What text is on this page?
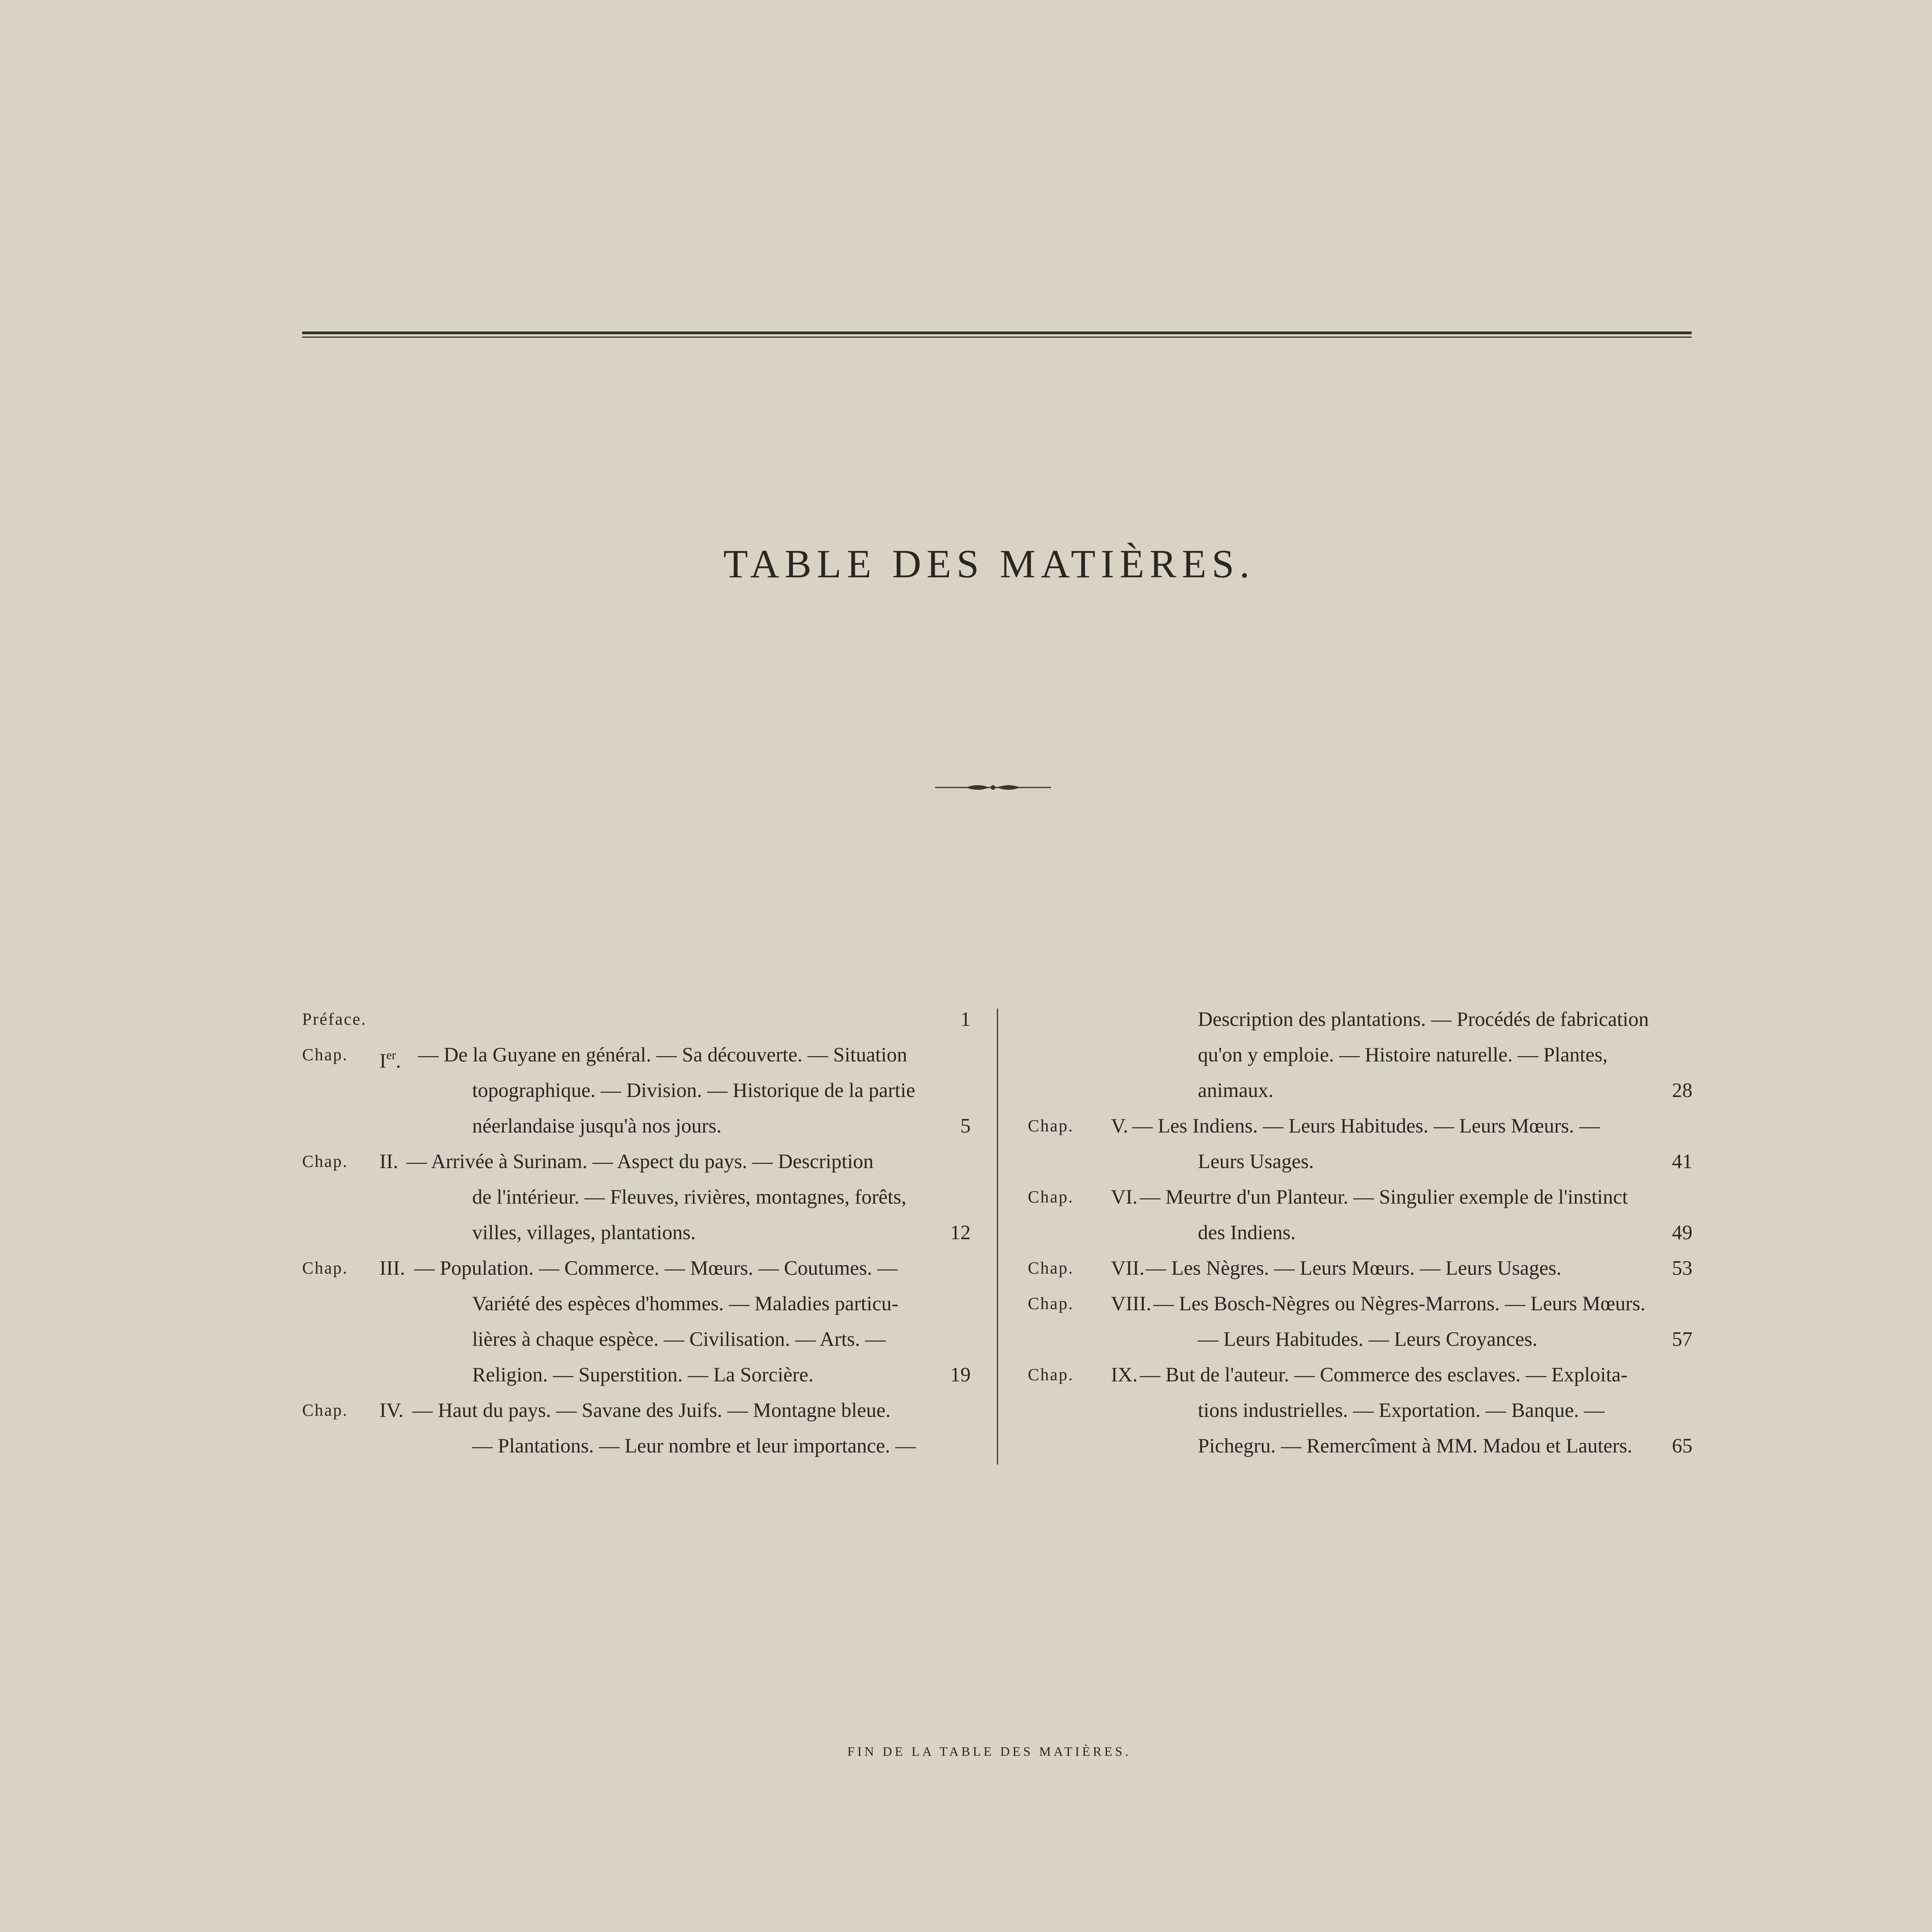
TABLE DES MATIÈRES.
Préface.	1
Chap. Ier. — De la Guyane en général. — Sa découverte. — Situation
topographique. — Division. — Historique de la partie
néerlandaise jusqu'à nos jours.	5
Chap. II. — Arrivée à Surinam. — Aspect du pays. — Description
de l'intérieur. — Fleuves, rivières, montagnes, forêts,
villes, villages, plantations.	12
Chap. III. — Population. — Commerce. — Mœurs. — Coutumes. —
Variété des espèces d'hommes. — Maladies particu-
lières à chaque espèce. — Civilisation. — Arts. —
Religion. — Superstition. — La Sorcière.	19
Chap. IV. — Haut du pays. — Savane des Juifs. — Montagne bleue.
— Plantations. — Leur nombre et leur importance. —
Description des plantations. — Procédés de fabrication
qu'on y emploie. — Histoire naturelle. — Plantes,
animaux.	28
Chap. V. — Les Indiens. — Leurs Habitudes. — Leurs Mœurs. —
Leurs Usages.	41
Chap. VI. — Meurtre d'un Planteur. — Singulier exemple de l'instinct
des Indiens.	49
Chap. VII. — Les Nègres. — Leurs Mœurs. — Leurs Usages.	53
Chap. VIII. — Les Bosch-Nègres ou Nègres-Marrons. — Leurs Mœurs.
— Leurs Habitudes. — Leurs Croyances.	57
Chap. IX. — But de l'auteur. — Commerce des esclaves. — Exploita-
tions industrielles. — Exportation. — Banque. —
Pichegru. — Remercîment à MM. Madou et Lauters. 65
FIN DE LA TABLE DES MATIÈRES.
